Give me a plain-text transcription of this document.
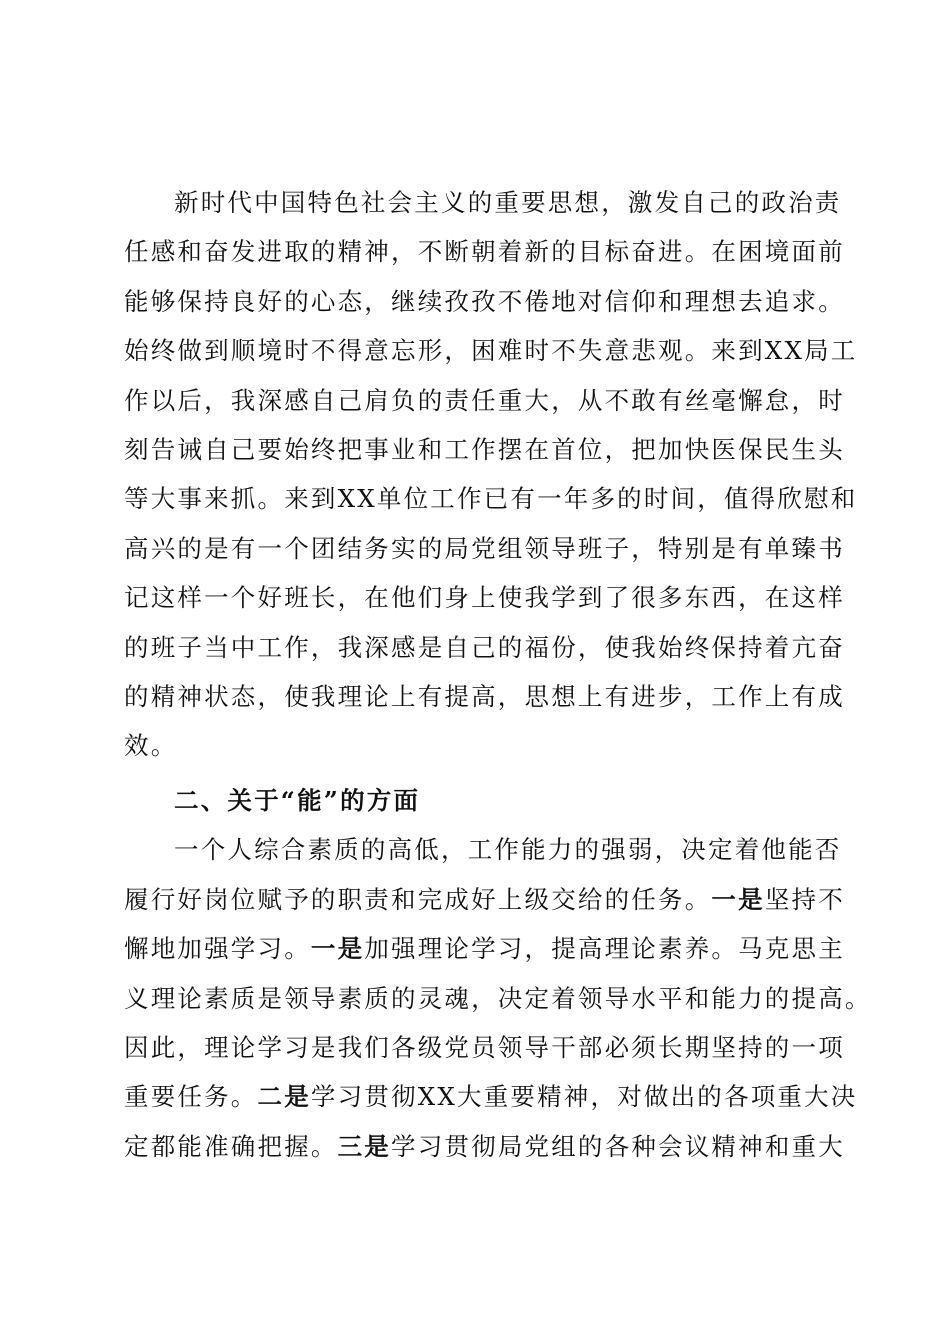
新时代中国特色社会主义的重要思想，激发自己的政治责
任感和奋发进取的精神，不断朝着新的目标奋进。在困境面前
能够保持良好的心态，继续孜孜不倦地对信仰和理想去追求。
始终做到顺境时不得意忘形，困难时不失意悲观。来到XX局工
作以后，我深感自己肩负的责任重大，从不敢有丝毫懈怠，时
刻告诫自己要始终把事业和工作摆在首位，把加快医保民生头
等大事来抓。来到XX单位工作已有一年多的时间，值得欣慰和
高兴的是有一个团结务实的局党组领导班子，特别是有单臻书
记这样一个好班长，在他们身上使我学到了很多东西，在这样
的班子当中工作，我深感是自己的福份，使我始终保持着亢奋
的精神状态，使我理论上有提高，思想上有进步，工作上有成
效。
二、关于“能”的方面
一个人综合素质的高低，工作能力的强弱，决定着他能否
履行好岗位赋予的职责和完成好上级交给的任务。一是坚持不
懈地加强学习。一是加强理论学习，提高理论素养。马克思主
义理论素质是领导素质的灵魂，决定着领导水平和能力的提高。
因此，理论学习是我们各级党员领导干部必须长期坚持的一项
重要任务。二是学习贯彻XX大重要精神，对做出的各项重大决
定都能准确把握。三是学习贯彻局党组的各种会议精神和重大
